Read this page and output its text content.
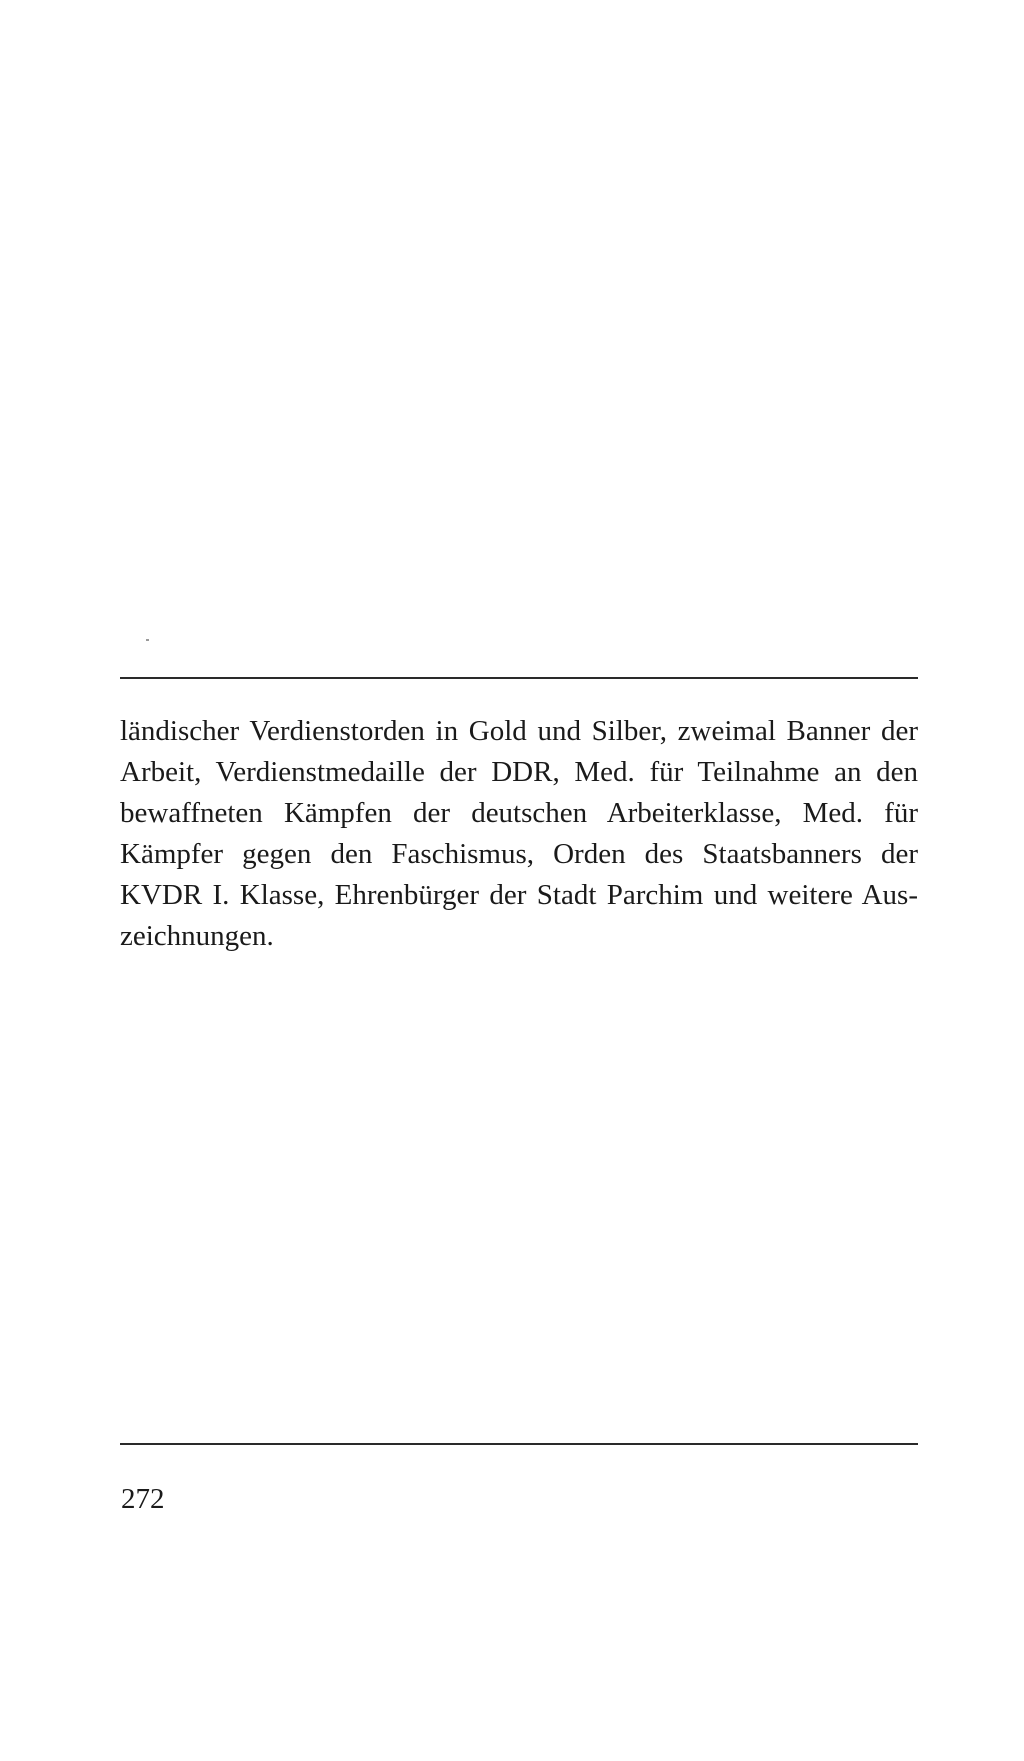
ländischer Verdienstorden in Gold und Silber, zweimal Banner der
Arbeit, Verdienstmedaille der DDR, Med. für Teilnahme an den
bewaffneten Kämpfen der deutschen Arbeiterklasse, Med. für
Kämpfer gegen den Faschismus, Orden des Staatsbanners der
KVDR I. Klasse, Ehrenbürger der Stadt Parchim und weitere Aus-
zeichnungen.
272
